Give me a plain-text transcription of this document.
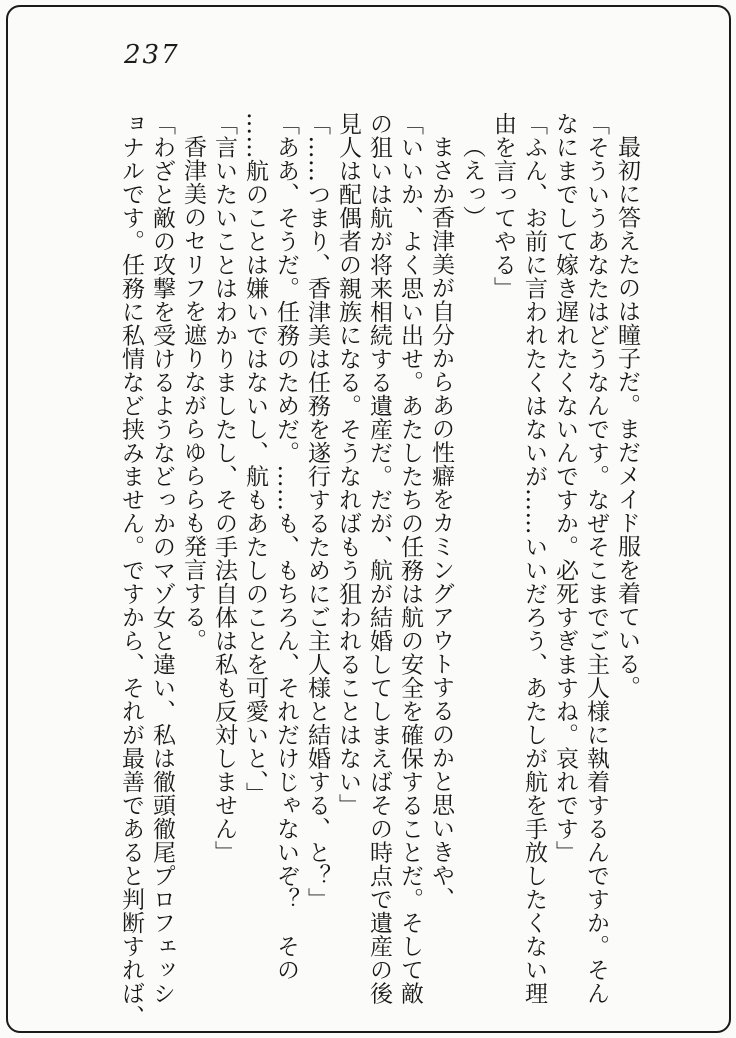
237

最初に答えたのは瞳子だ。まだメイド服を着ている。

「そういうあなたはどうなんです。なぜそこまでご主人様に執着するんですか。そん

なにまでして嫁き遅れたくないんですか。必死すぎますね。哀れです」

「ふん、お前に言われたくはないが……いいだろう、あたしが航を手放したくない理

由を言ってやる」

（えっ）

まさか香津美が自分からあの性癖をカミングアウトするのかと思いきや、

「いいか、よく思い出せ。あたしたちの任務は航の安全を確保することだ。そして敵

の狙いは航が将来相続する遺産だ。だが、航が結婚してしまえばその時点で遺産の後

見人は配偶者の親族になる。そうなればもう狙われることはない」

「……つまり、香津美は任務を遂行するためにご主人様と結婚する、と？」

「ああ、そうだ。任務のためだ。……も、もちろん、それだけじゃないぞ？　その

……航のことは嫌いではないし、航もあたしのことを可愛いと、」

「言いたいことはわかりましたし、その手法自体は私も反対しません」

香津美のセリフを遮りながらゆららも発言する。

「わざと敵の攻撃を受けるようなどっかのマゾ女と違い、私は徹頭徹尾プロフェッシ

ョナルです。任務に私情など挟みません。ですから、それが最善であると判断すれば、
